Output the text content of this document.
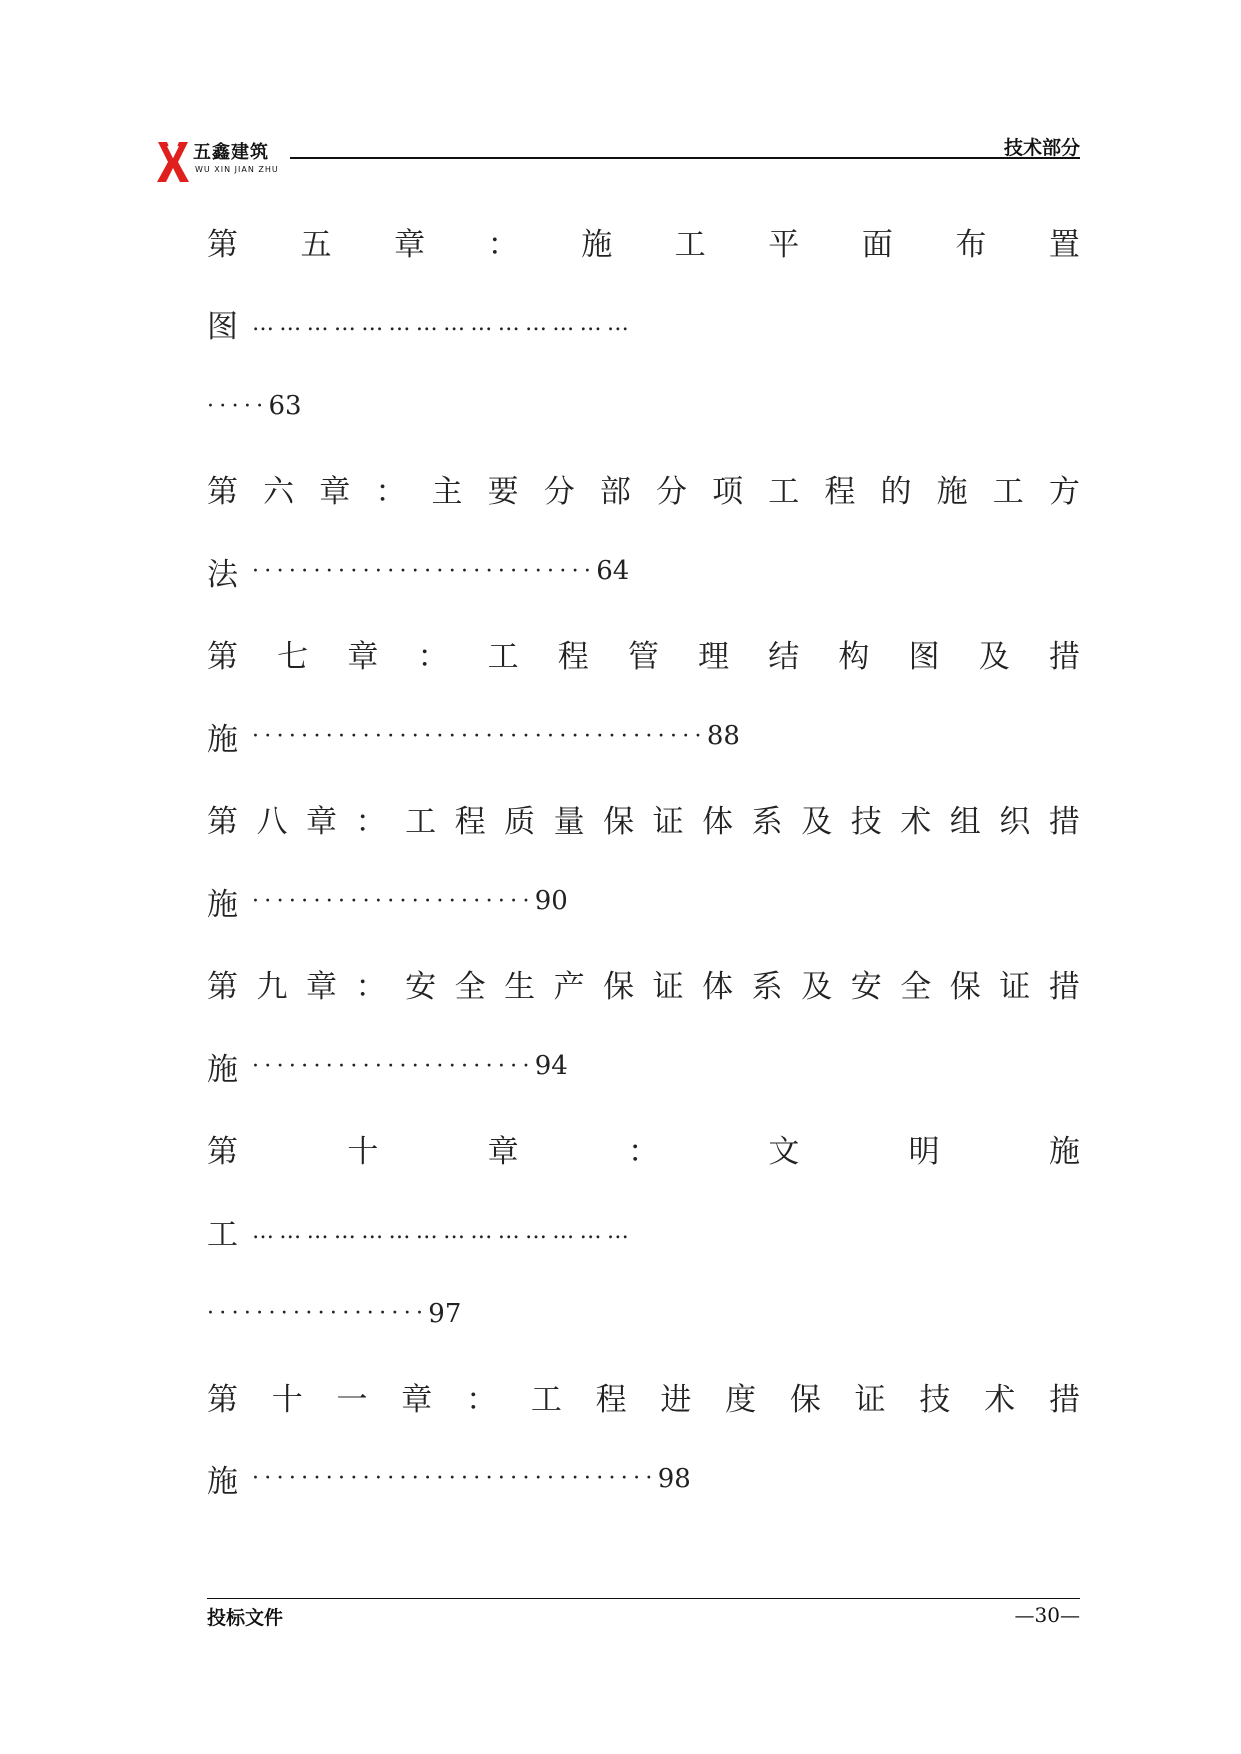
五鑫建筑
WU XIN JIAN ZHU
技术部分
第 五 章 ： 施 工 平 面 布 置
图 ……………………………………
····· 63
第 六 章 ： 主 要 分 部 分 项 工 程 的 施 工 方
法 ···························· 64
第 七 章 ： 工 程 管 理 结 构 图 及 措
施 ····································· 88
第 八 章 ： 工 程 质 量 保 证 体 系 及 技 术 组 织 措
施 ······················· 90
第 九 章 ： 安 全 生 产 保 证 体 系 及 安 全 保 证 措
施 ······················· 94
第	十	章	：	文	明	施
工 ……………………………………
·················· 97
第 十 一 章 ： 工 程 进 度 保 证 技 术 措
施 ································· 98
投标文件	—30—
